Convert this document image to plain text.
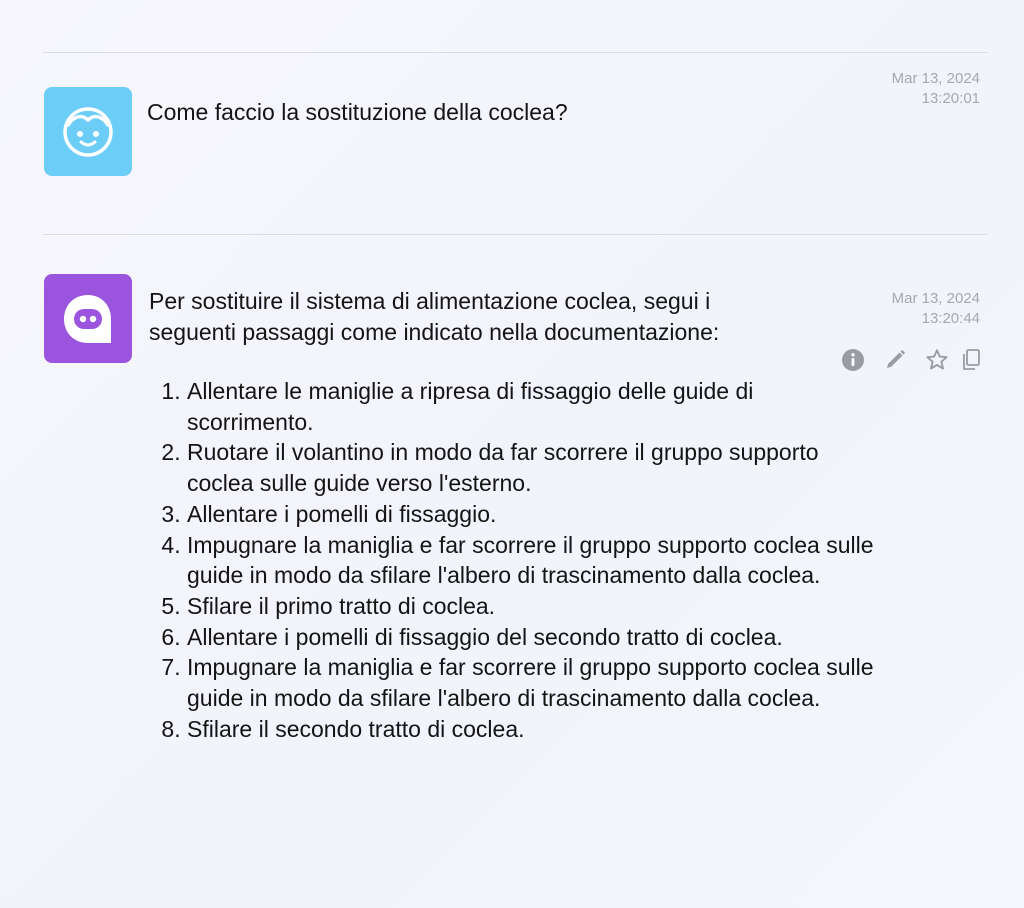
Come faccio la sostituzione della coclea?
Mar 13, 2024
13:20:01
Per sostituire il sistema di alimentazione coclea, segui i
seguenti passaggi come indicato nella documentazione:
1. Allentare le maniglie a ripresa di fissaggio delle guide di scorrimento.
2. Ruotare il volantino in modo da far scorrere il gruppo supporto coclea sulle guide verso l'esterno.
3. Allentare i pomelli di fissaggio.
4. Impugnare la maniglia e far scorrere il gruppo supporto coclea sulle guide in modo da sfilare l'albero di trascinamento dalla coclea.
5. Sfilare il primo tratto di coclea.
6. Allentare i pomelli di fissaggio del secondo tratto di coclea.
7. Impugnare la maniglia e far scorrere il gruppo supporto coclea sulle guide in modo da sfilare l'albero di trascinamento dalla coclea.
8. Sfilare il secondo tratto di coclea.
Mar 13, 2024
13:20:44
